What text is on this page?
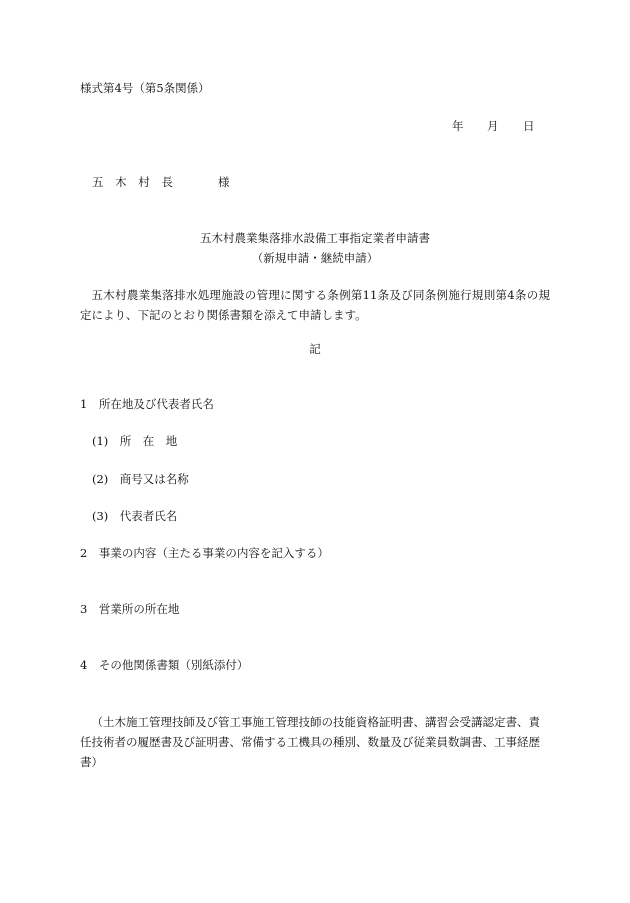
様式第4号（第5条関係）
年 月 日
五 木 村 長	様
五木村農業集落排水設備工事指定業者申請書
（新規申請・継続申請）
五木村農業集落排水処理施設の管理に関する条例第11条及び同条例施行規則第4条の規定により、下記のとおり関係書類を添えて申請します。
記
1　所在地及び代表者氏名
(1)　所　在　地
(2)　商号又は名称
(3)　代表者氏名
2　事業の内容（主たる事業の内容を記入する）
3　営業所の所在地
4　その他関係書類（別紙添付）
（土木施工管理技師及び管工事施工管理技師の技能資格証明書、講習会受講認定書、責任技術者の履歴書及び証明書、常備する工機具の種別、数量及び従業員数調書、工事経歴書）
